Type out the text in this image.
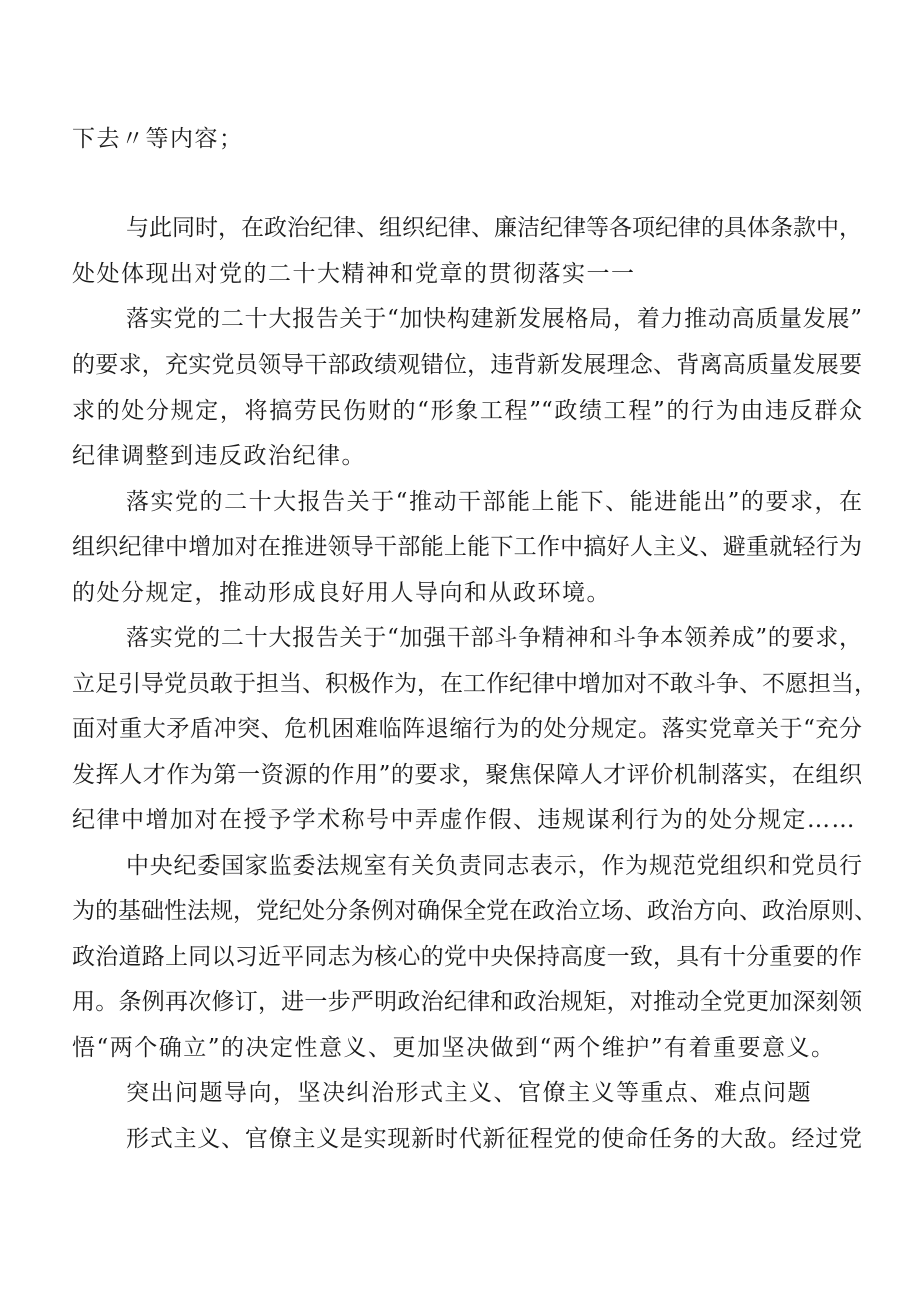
下去〃等内容；
与此同时，在政治纪律、组织纪律、廉洁纪律等各项纪律的具体条款中，
处处体现出对党的二十大精神和党章的贯彻落实一一
落实党的二十大报告关于“加快构建新发展格局，着力推动高质量发展”
的要求，充实党员领导干部政绩观错位，违背新发展理念、背离高质量发展要
求的处分规定，将搞劳民伤财的“形象工程”“政绩工程”的行为由违反群众
纪律调整到违反政治纪律。
落实党的二十大报告关于“推动干部能上能下、能进能出”的要求，在
组织纪律中增加对在推进领导干部能上能下工作中搞好人主义、避重就轻行为
的处分规定，推动形成良好用人导向和从政环境。
落实党的二十大报告关于“加强干部斗争精神和斗争本领养成”的要求，
立足引导党员敢于担当、积极作为，在工作纪律中增加对不敢斗争、不愿担当，
面对重大矛盾冲突、危机困难临阵退缩行为的处分规定。落实党章关于“充分
发挥人才作为第一资源的作用”的要求，聚焦保障人才评价机制落实，在组织
纪律中增加对在授予学术称号中弄虚作假、违规谋利行为的处分规定……
中央纪委国家监委法规室有关负责同志表示，作为规范党组织和党员行
为的基础性法规，党纪处分条例对确保全党在政治立场、政治方向、政治原则、
政治道路上同以习近平同志为核心的党中央保持高度一致，具有十分重要的作
用。条例再次修订，进一步严明政治纪律和政治规矩，对推动全党更加深刻领
悟“两个确立”的决定性意义、更加坚决做到“两个维护”有着重要意义。
突出问题导向，坚决纠治形式主义、官僚主义等重点、难点问题
形式主义、官僚主义是实现新时代新征程党的使命任务的大敌。经过党
